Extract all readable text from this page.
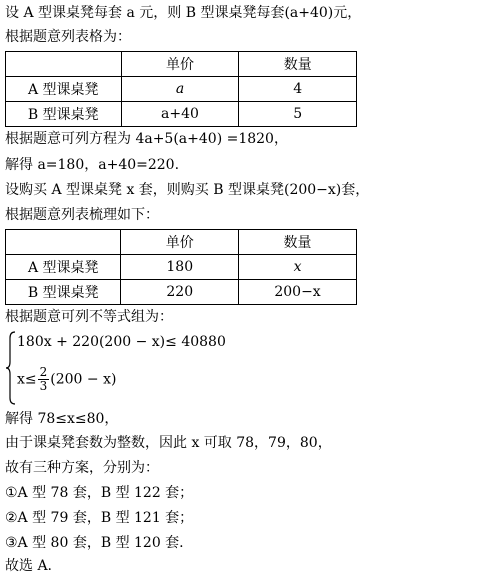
设 A 型课桌凳每套 a 元，则 B 型课桌凳每套(a+40)元，
根据题意列表格为：
	单价	数量
A 型课桌凳	a	4
B 型课桌凳	a+40	5
根据题意可列方程为 4a+5(a+40) =1820，
解得 a=180，a+40=220.
设购买 A 型课桌凳 x 套，则购买 B 型课桌凳(200−x)套，
根据题意列表梳理如下：
	单价	数量
A 型课桌凳	180	x
B 型课桌凳	220	200−x
根据题意可列不等式组为：
180x + 220(200 − x)≤ 40880
$x\le \frac{2}{3} (200 - x)$
解得 78≤x≤80，
由于课桌凳套数为整数，因此 x 可取 78，79，80，
故有三种方案，分别为：
①A 型 78 套，B 型 122 套；
②A 型 79 套，B 型 121 套；
③A 型 80 套，B 型 120 套.
故选 A.
